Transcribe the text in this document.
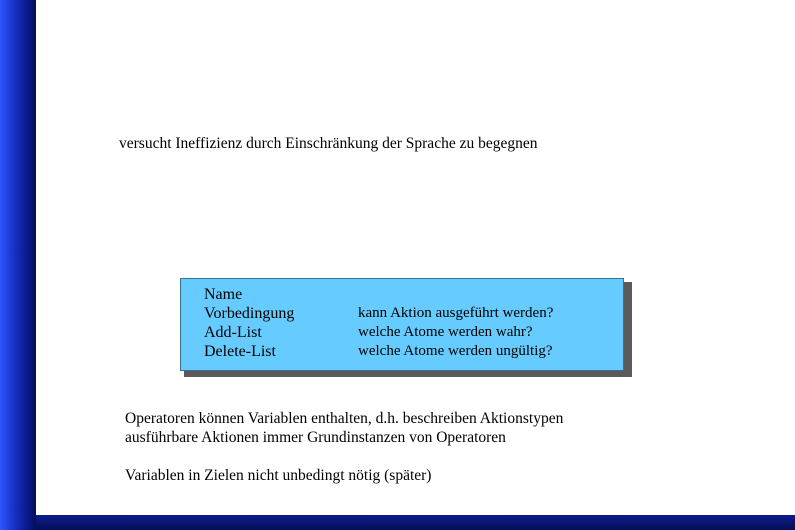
versucht Ineffizienz durch Einschränkung der Sprache zu begegnen
Name
Vorbedingung
Add-List
Delete-List
kann Aktion ausgeführt werden?
welche Atome werden wahr?
welche Atome werden ungültig?
Operatoren können Variablen enthalten, d.h. beschreiben Aktionstypen
ausführbare Aktionen immer Grundinstanzen von Operatoren
Variablen in Zielen nicht unbedingt nötig (später)
